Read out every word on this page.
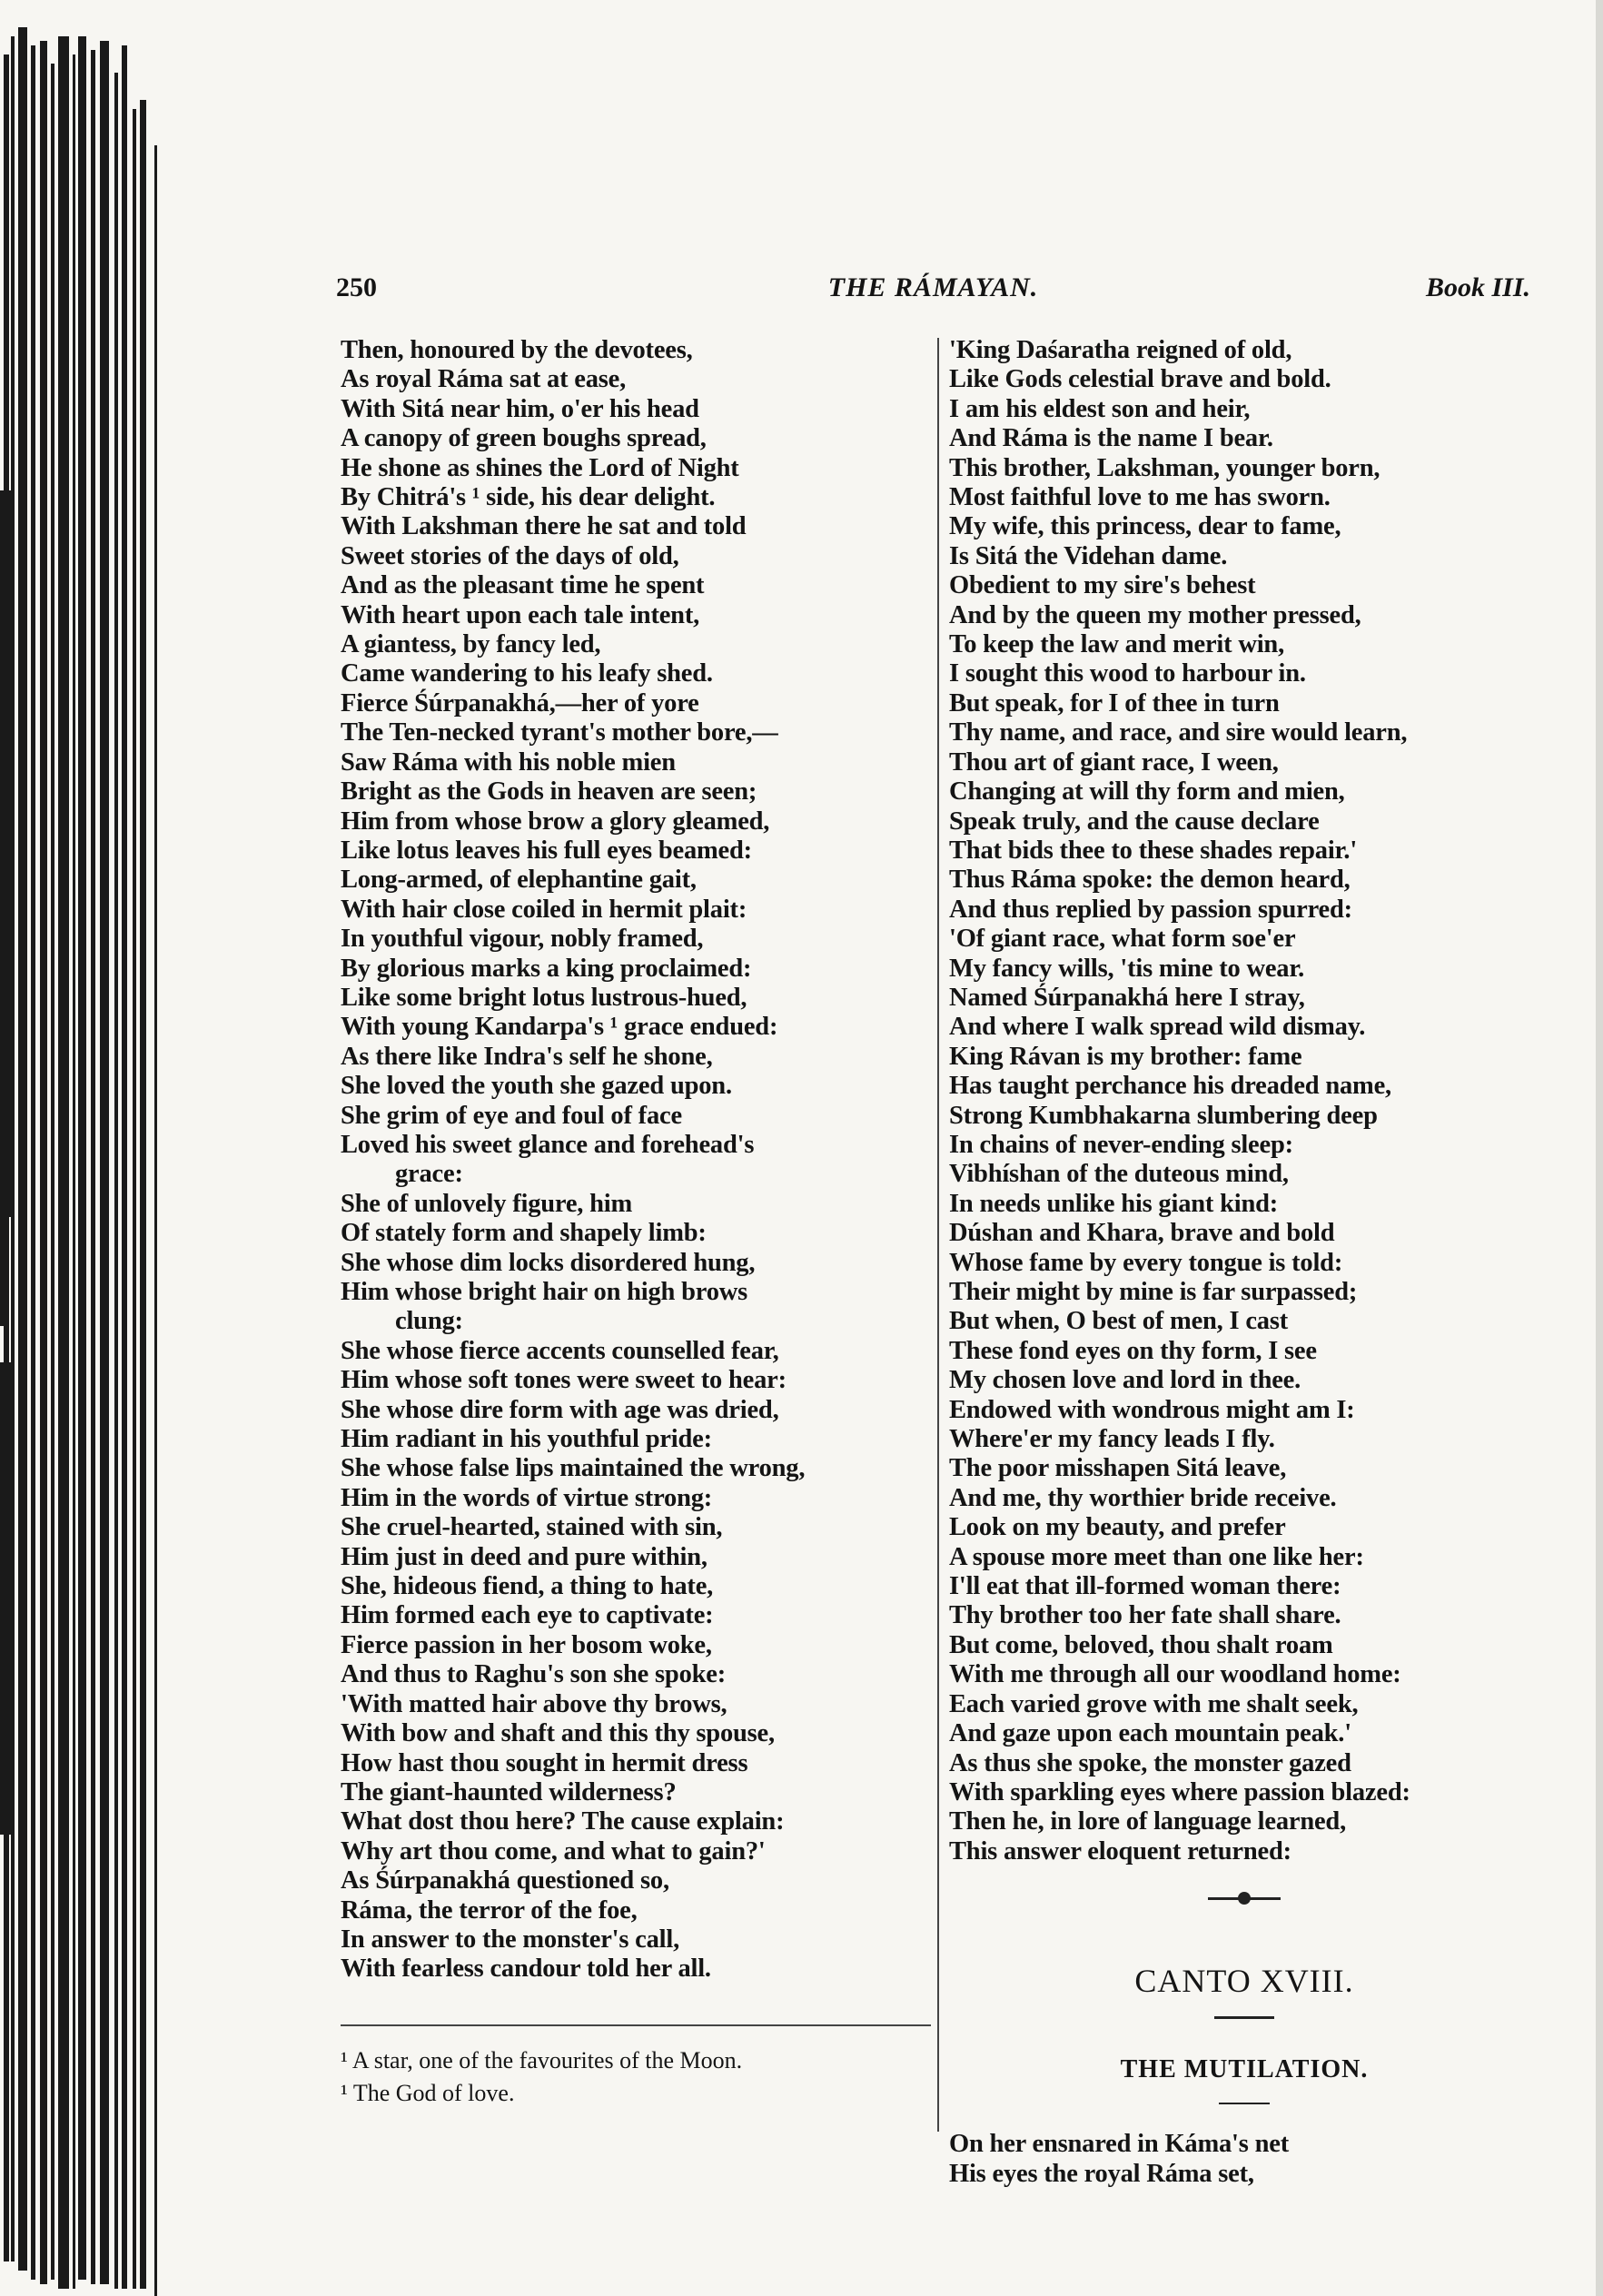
250	THE RÁMAYAN.	Book III.
Then, honoured by the devotees,
As royal Ráma sat at ease,
With Sitá near him, o'er his head
A canopy of green boughs spread,
He shone as shines the Lord of Night
By Chitrá's ¹ side, his dear delight.
With Lakshman there he sat and told
Sweet stories of the days of old,
And as the pleasant time he spent
With heart upon each tale intent,
A giantess, by fancy led,
Came wandering to his leafy shed.
Fierce Śúrpanakhá,—her of yore
The Ten-necked tyrant's mother bore,—
Saw Ráma with his noble mien
Bright as the Gods in heaven are seen;
Him from whose brow a glory gleamed,
Like lotus leaves his full eyes beamed:
Long-armed, of elephantine gait,
With hair close coiled in hermit plait:
In youthful vigour, nobly framed,
By glorious marks a king proclaimed:
Like some bright lotus lustrous-hued,
With young Kandarpa's ¹ grace endued:
As there like Indra's self he shone,
She loved the youth she gazed upon.
She grim of eye and foul of face
Loved his sweet glance and forehead's
grace:
She of unlovely figure, him
Of stately form and shapely limb:
She whose dim locks disordered hung,
Him whose bright hair on high brows
clung:
She whose fierce accents counselled fear,
Him whose soft tones were sweet to hear:
She whose dire form with age was dried,
Him radiant in his youthful pride:
She whose false lips maintained the wrong,
Him in the words of virtue strong:
She cruel-hearted, stained with sin,
Him just in deed and pure within,
She, hideous fiend, a thing to hate,
Him formed each eye to captivate:
Fierce passion in her bosom woke,
And thus to Raghu's son she spoke:
'With matted hair above thy brows,
With bow and shaft and this thy spouse,
How hast thou sought in hermit dress
The giant-haunted wilderness?
What dost thou here? The cause explain:
Why art thou come, and what to gain?'
As Śúrpanakhá questioned so,
Ráma, the terror of the foe,
In answer to the monster's call,
With fearless candour told her all.
¹ A star, one of the favourites of the Moon.
¹ The God of love.
'King Daśaratha reigned of old,
Like Gods celestial brave and bold.
I am his eldest son and heir,
And Ráma is the name I bear.
This brother, Lakshman, younger born,
Most faithful love to me has sworn.
My wife, this princess, dear to fame,
Is Sitá the Videhan dame.
Obedient to my sire's behest
And by the queen my mother pressed,
To keep the law and merit win,
I sought this wood to harbour in.
But speak, for I of thee in turn
Thy name, and race, and sire would learn,
Thou art of giant race, I ween,
Changing at will thy form and mien,
Speak truly, and the cause declare
That bids thee to these shades repair.'
Thus Ráma spoke: the demon heard,
And thus replied by passion spurred:
'Of giant race, what form soe'er
My fancy wills, 'tis mine to wear.
Named Śúrpanakhá here I stray,
And where I walk spread wild dismay.
King Rávan is my brother: fame
Has taught perchance his dreaded name,
Strong Kumbhakarna slumbering deep
In chains of never-ending sleep:
Vibhíshan of the duteous mind,
In needs unlike his giant kind:
Dúshan and Khara, brave and bold
Whose fame by every tongue is told:
Their might by mine is far surpassed;
But when, O best of men, I cast
These fond eyes on thy form, I see
My chosen love and lord in thee.
Endowed with wondrous might am I:
Where'er my fancy leads I fly.
The poor misshapen Sitá leave,
And me, thy worthier bride receive.
Look on my beauty, and prefer
A spouse more meet than one like her:
I'll eat that ill-formed woman there:
Thy brother too her fate shall share.
But come, beloved, thou shalt roam
With me through all our woodland home:
Each varied grove with me shalt seek,
And gaze upon each mountain peak.'
As thus she spoke, the monster gazed
With sparkling eyes where passion blazed:
Then he, in lore of language learned,
This answer eloquent returned:
CANTO XVIII.
THE MUTILATION.
On her ensnared in Káma's net
His eyes the royal Ráma set,
